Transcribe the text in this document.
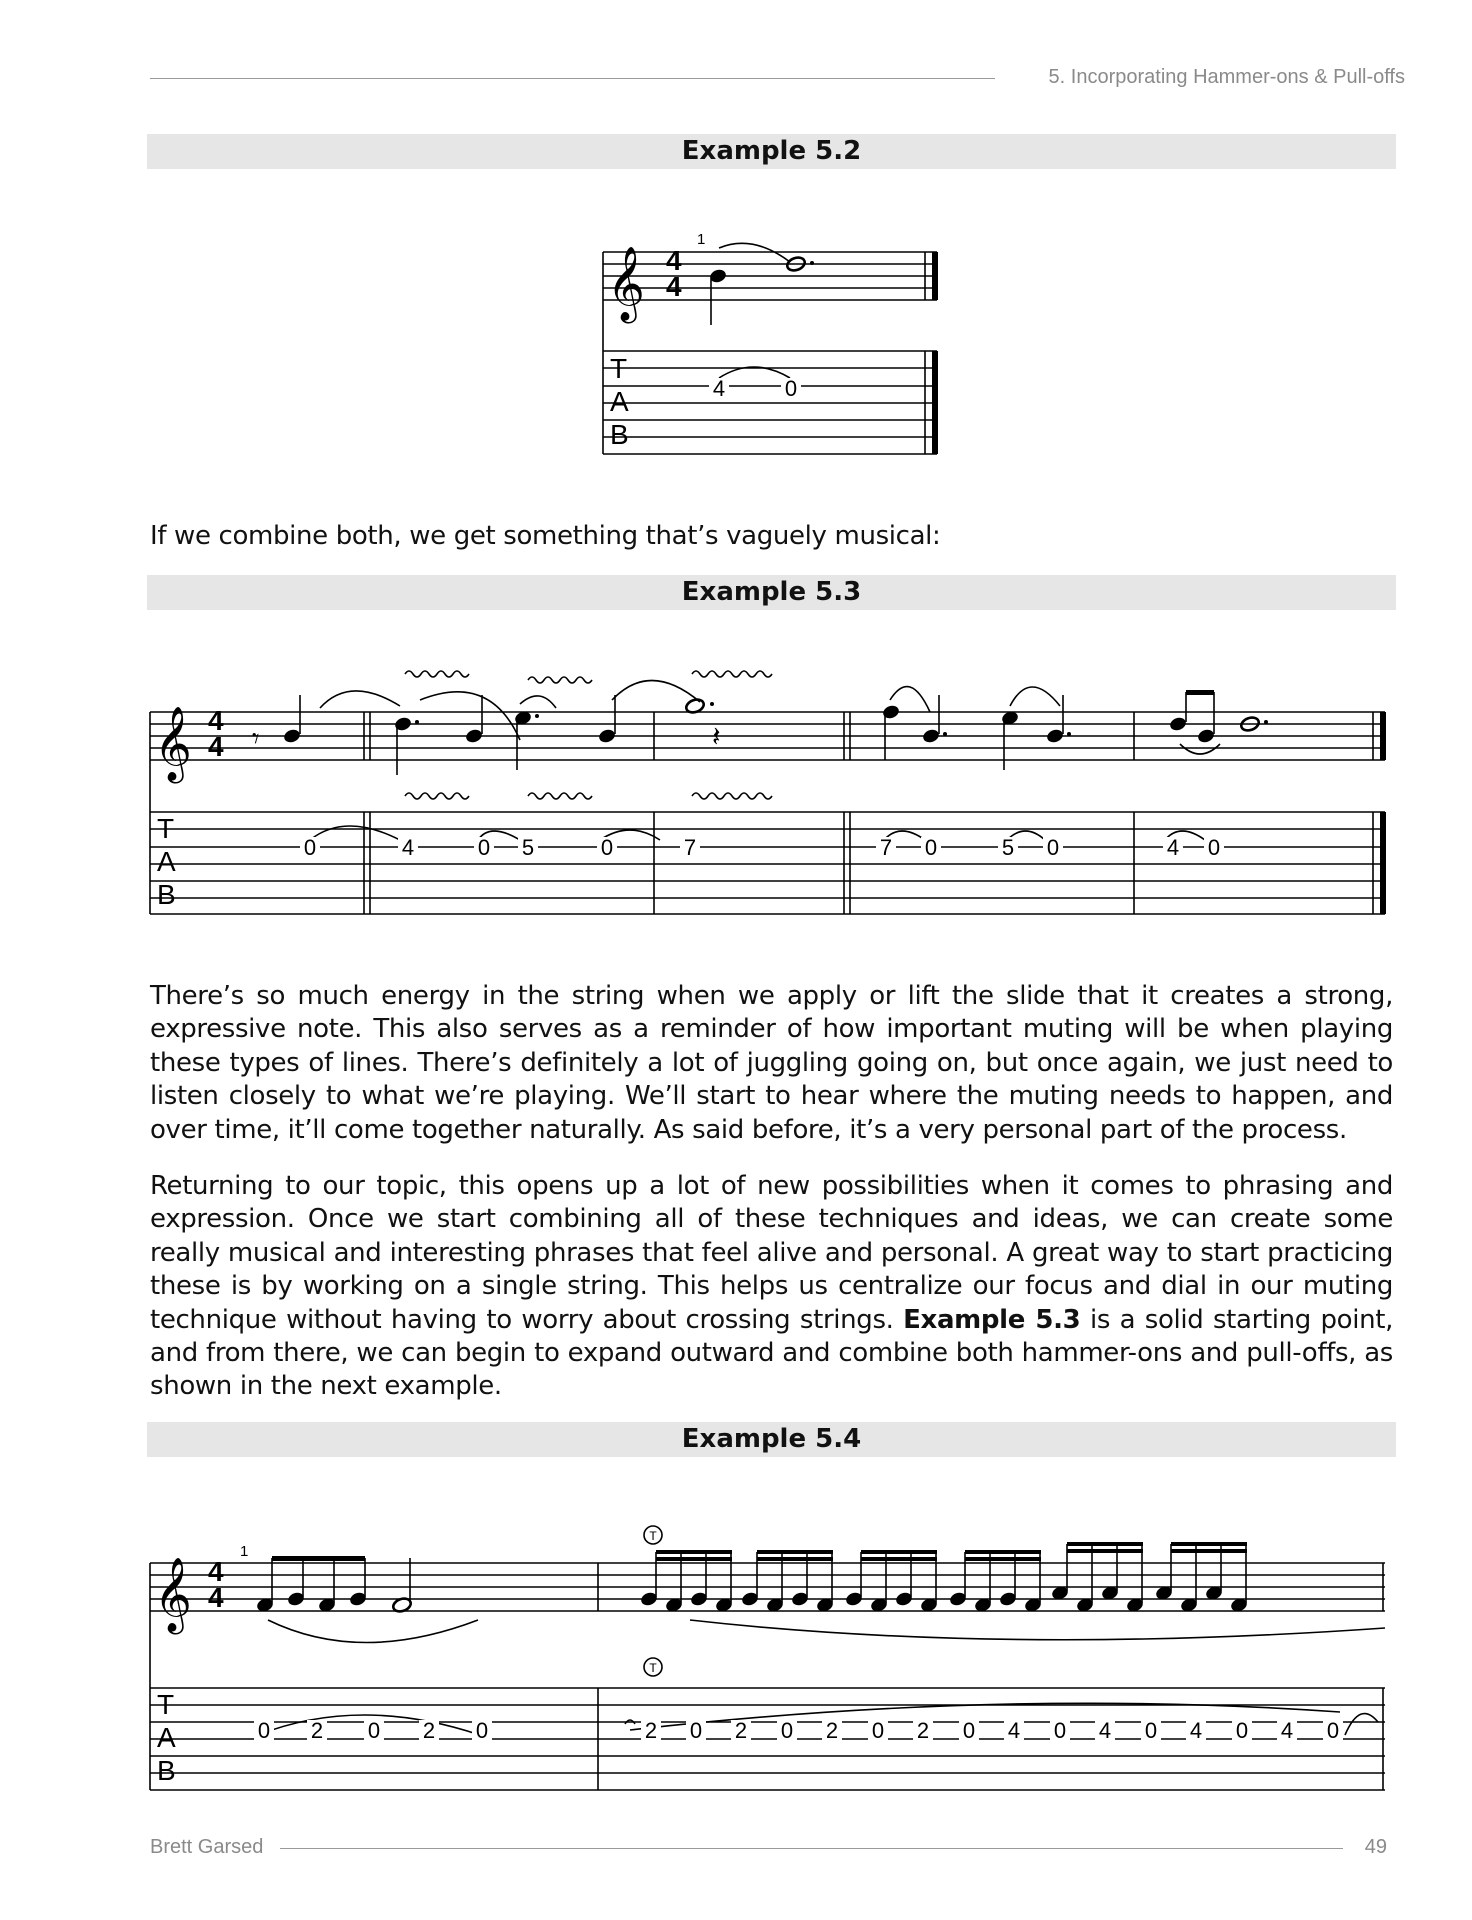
5. Incorporating Hammer-ons & Pull-offs
Example 5.2
𝄞 4
4
1
T
A
B
4	0
If we combine both, we get something that’s vaguely musical:
Example 5.3
𝄞 4
4 𝄾	𝄽
T
A
B
0	4	0 5	0	7	7 0	5 0	4 0
There’s so much energy in the string when we apply or lift the slide that it creates a strong, expressive note. This also serves as a reminder of how important muting will be when playing these types of lines. There’s definitely a lot of juggling going on, but once again, we just need to listen closely to what we’re playing. We’ll start to hear where the muting needs to happen, and over time, it’ll come together naturally. As said before, it’s a very personal part of the process.
Returning to our topic, this opens up a lot of new possibilities when it comes to phrasing and expression. Once we start combining all of these techniques and ideas, we can create some really musical and interesting phrases that feel alive and personal. A great way to start practicing these is by working on a single string. This helps us centralize our focus and dial in our muting technique without having to worry about crossing strings. Example 5.3 is a solid starting point, and from there, we can begin to expand outward and combine both hammer-ons and pull-offs, as shown in the next example.
Example 5.4
𝄞 4
4
1
T
T
T
A
B
0 2 0 2 0	2 0 2 0 2 0 2 0 4 0 4 0 4 0 4 0
Brett Garsed	49
